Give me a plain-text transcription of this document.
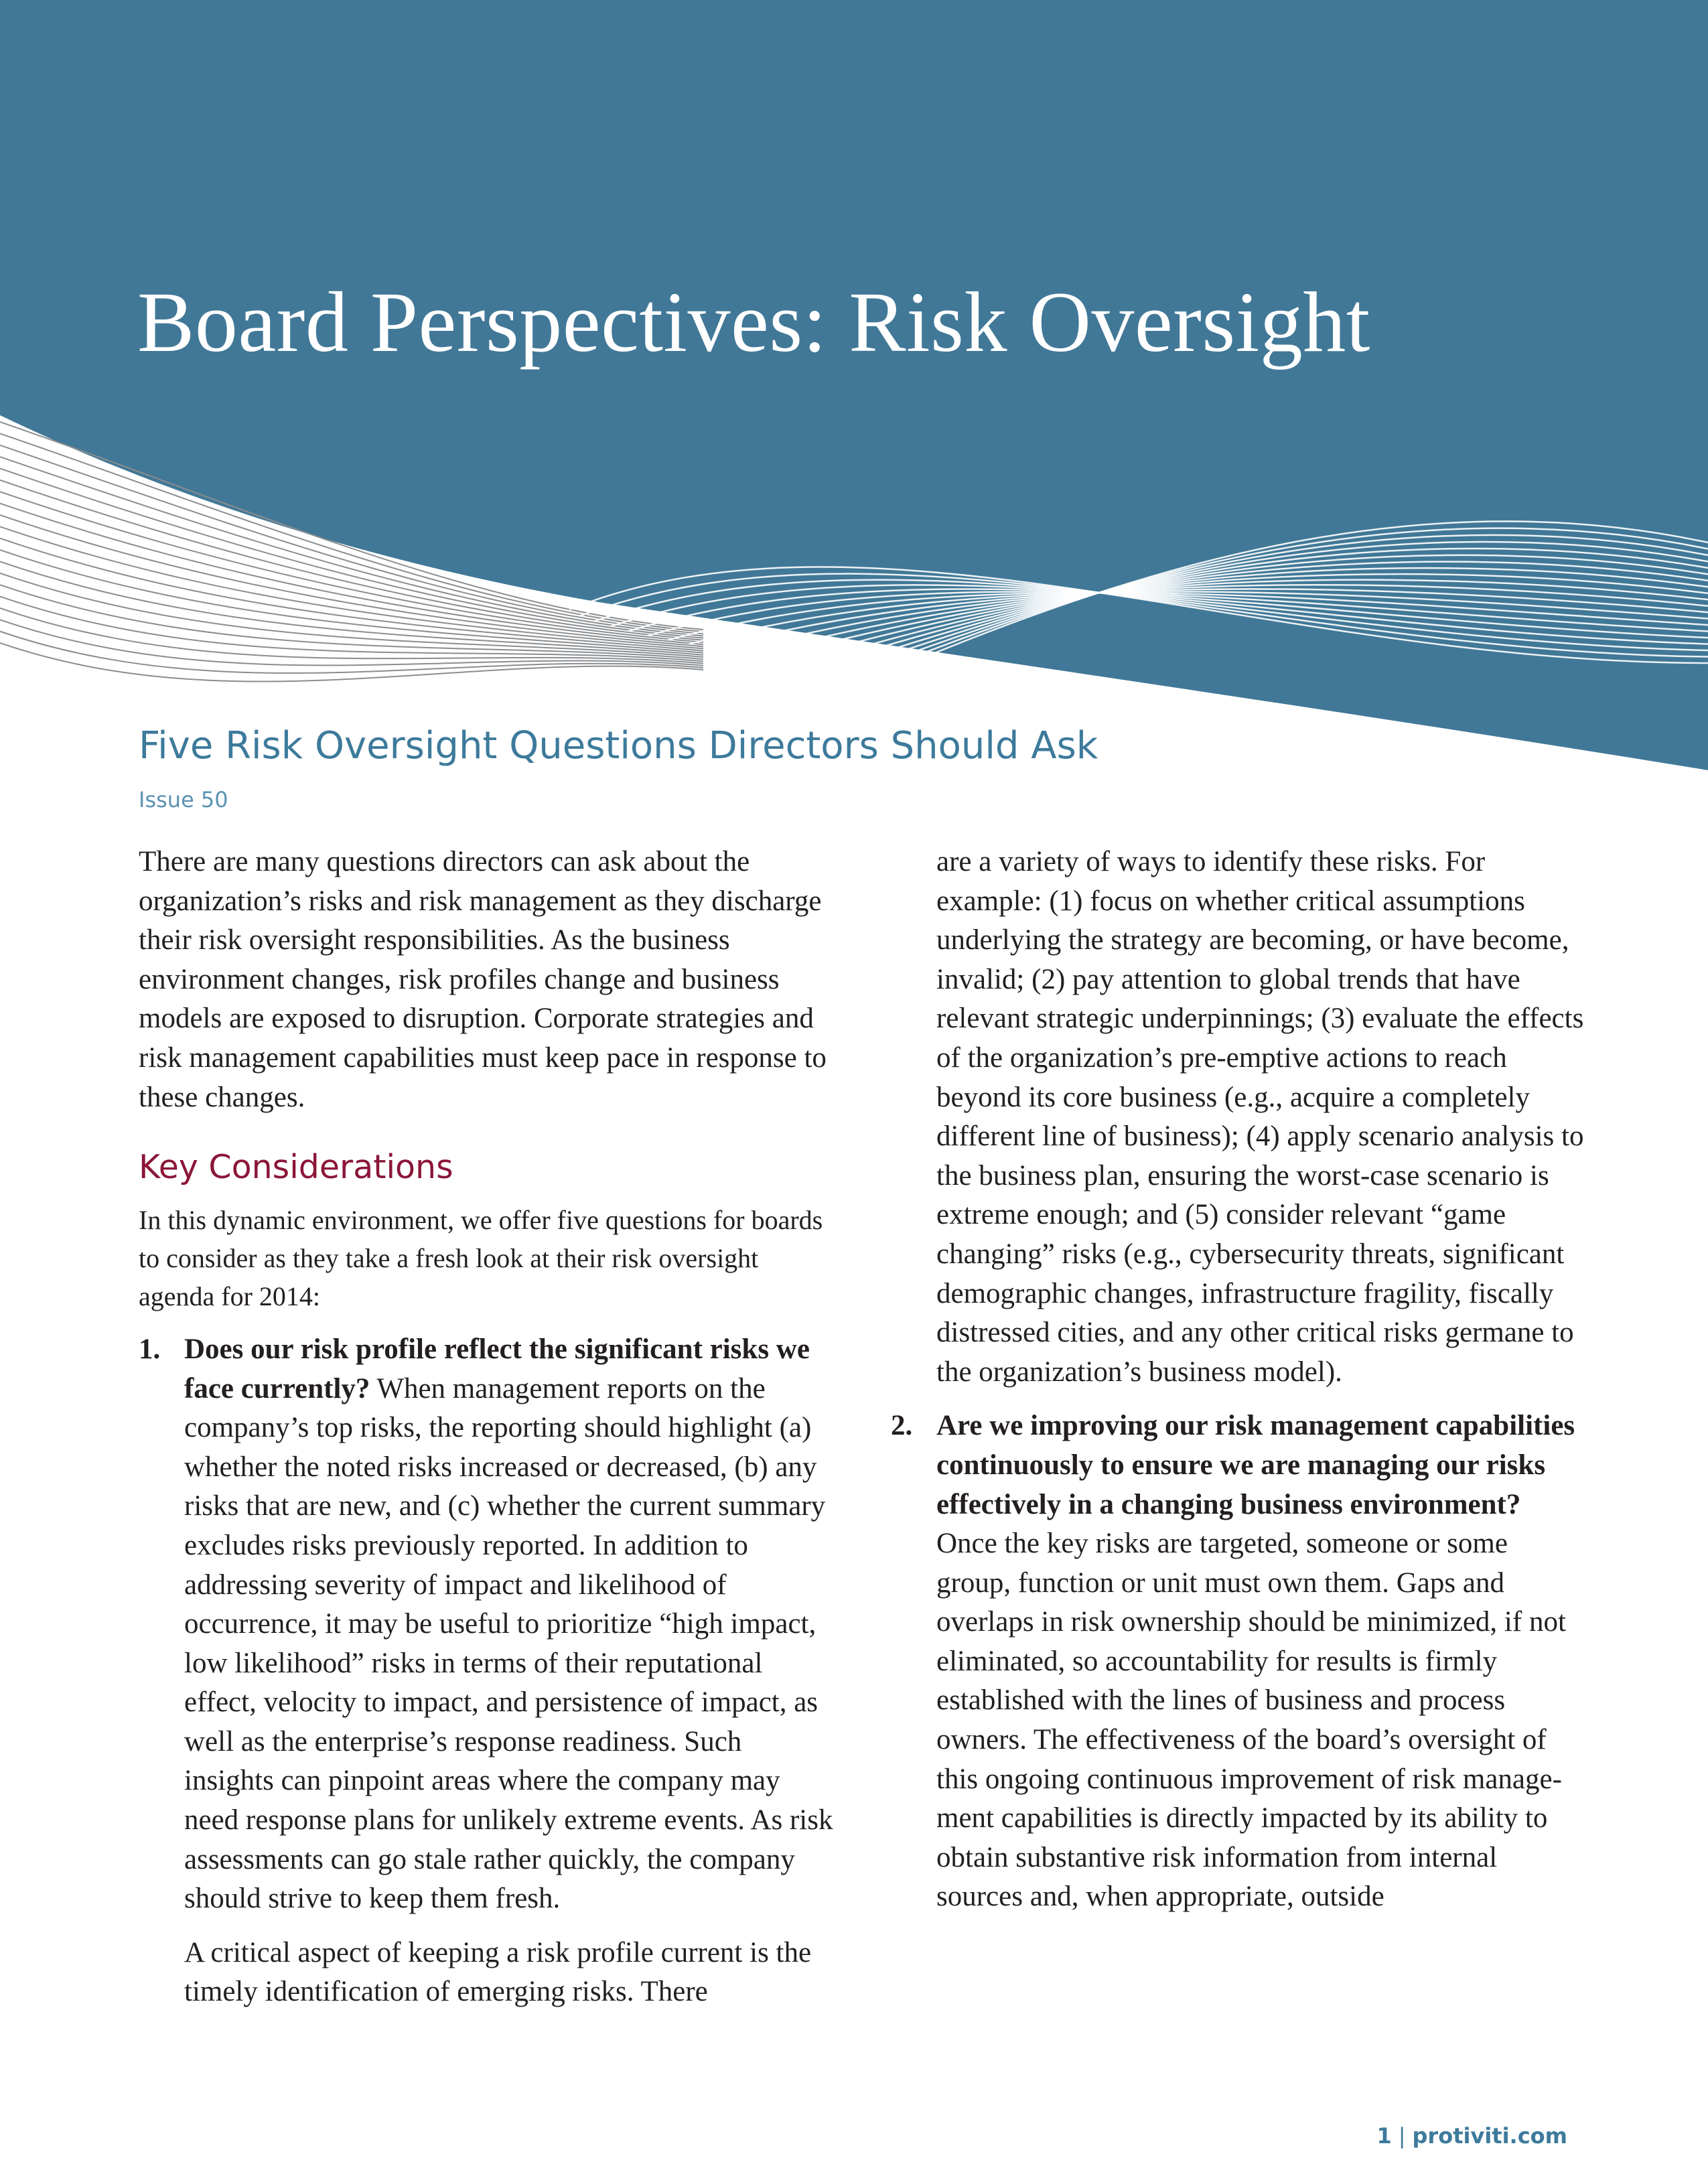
Board Perspectives: Risk Oversight
Five Risk Oversight Questions Directors Should Ask
Issue 50

There are many questions directors can ask about the organization’s risks and risk management as they discharge their risk oversight responsibilities. As the business environment changes, risk profiles change and business models are exposed to disruption. Corporate strategies and risk management capabilities must keep pace in response to these changes.

Key Considerations

In this dynamic environment, we offer five questions for boards to consider as they take a fresh look at their risk oversight agenda for 2014:

1. Does our risk profile reflect the significant risks we face currently? When management reports on the company’s top risks, the reporting should highlight (a) whether the noted risks increased or decreased, (b) any risks that are new, and (c) whether the current summary excludes risks previously reported. In addition to addressing severity of impact and likelihood of occurrence, it may be useful to prioritize “high impact, low likelihood” risks in terms of their reputational effect, velocity to impact, and persistence of impact, as well as the enterprise’s response readiness. Such insights can pinpoint areas where the company may need response plans for unlikely extreme events. As risk assessments can go stale rather quickly, the company should strive to keep them fresh.

A critical aspect of keeping a risk profile current is the timely identification of emerging risks. There

are a variety of ways to identify these risks. For example: (1) focus on whether critical assumptions underlying the strategy are becoming, or have become, invalid; (2) pay attention to global trends that have relevant strategic underpinnings; (3) evaluate the effects of the organization’s pre-emptive actions to reach beyond its core business (e.g., acquire a completely different line of business); (4) apply scenario analysis to the business plan, ensuring the worst-case scenario is extreme enough; and (5) consider relevant “game changing” risks (e.g., cybersecurity threats, significant demographic changes, infrastructure fragility, fiscally distressed cities, and any other critical risks germane to the organization’s business model).

2. Are we improving our risk management capabilities continuously to ensure we are managing our risks effectively in a changing business environment? Once the key risks are targeted, someone or some group, function or unit must own them. Gaps and overlaps in risk ownership should be minimized, if not eliminated, so accountability for results is firmly established with the lines of business and process owners. The effectiveness of the board’s oversight of this ongoing continuous improvement of risk management capabilities is directly impacted by its ability to obtain substantive risk information from internal sources and, when appropriate, outside
1 | protiviti.com
